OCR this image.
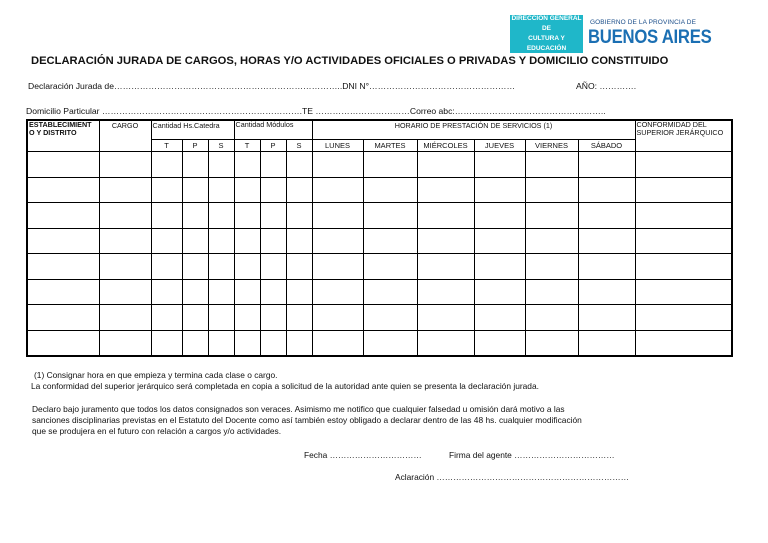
DIRECCIÓN GENERAL DE
CULTURA Y EDUCACIÓN
GOBIERNO DE LA PROVINCIA DE
BUENOS AIRES
DECLARACIÓN JURADA DE CARGOS, HORAS Y/O ACTIVIDADES OFICIALES O PRIVADAS Y DOMICILIO CONSTITUIDO
Declaración Jurada de……………………………………………………………………..DNI N°……………………………………………	AÑO: ………….
Domicilio Particular …………………………………………………………….TE ……………………………Correo abc:……………………………………………..
ESTABLECIMIENT O Y DISTRITO	CARGO	Cantidad Hs.Catedra			Cantidad Módulos			HORARIO DE PRESTACIÓN DE SERVICIOS (1)						CONFORMIDAD DEL SUPERIOR JERÁRQUICO
		T	P	S	T	P	S	LUNES	MARTES	MIÉRCOLES	JUEVES	VIERNES	SÁBADO	

(1) Consignar hora en que empieza y termina cada clase o cargo.
La conformidad del superior jerárquico será completada en copia a solicitud de la autoridad ante quien se presenta la declaración jurada.
Declaro bajo juramento que todos los datos consignados son veraces. Asimismo me notifico que cualquier falsedad u omisión dará motivo a las
sanciones disciplinarias previstas en el Estatuto del Docente como así también estoy obligado a declarar dentro de las 48 hs. cualquier modificación
que se produjera en el futuro con relación a cargos y/o actividades.
Fecha ……………………………	Firma del agente ………………………………
Aclaración ……………………………………………………………
